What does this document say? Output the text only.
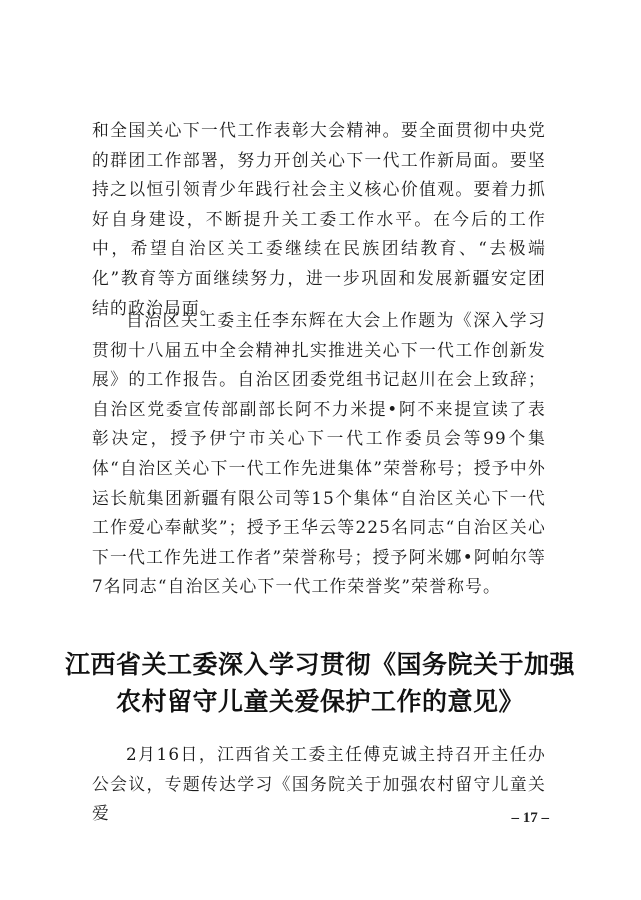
和全国关心下一代工作表彰大会精神。要全面贯彻中央党的群团工作部署，努力开创关心下一代工作新局面。要坚持之以恒引领青少年践行社会主义核心价值观。要着力抓好自身建设，不断提升关工委工作水平。在今后的工作中，希望自治区关工委继续在民族团结教育、“去极端化”教育等方面继续努力，进一步巩固和发展新疆安定团结的政治局面。

自治区关工委主任李东辉在大会上作题为《深入学习贯彻十八届五中全会精神扎实推进关心下一代工作创新发展》的工作报告。自治区团委党组书记赵川在会上致辞；自治区党委宣传部副部长阿不力米提•阿不来提宣读了表彰决定，授予伊宁市关心下一代工作委员会等99个集体“自治区关心下一代工作先进集体”荣誉称号；授予中外运长航集团新疆有限公司等15个集体“自治区关心下一代工作爱心奉献奖”；授予王华云等225名同志“自治区关心下一代工作先进工作者”荣誉称号；授予阿米娜•阿帕尔等7名同志“自治区关心下一代工作荣誉奖”荣誉称号。

江西省关工委深入学习贯彻《国务院关于加强
农村留守儿童关爱保护工作的意见》

2月16日，江西省关工委主任傅克诚主持召开主任办公会议，专题传达学习《国务院关于加强农村留守儿童关爱	– 17 –
